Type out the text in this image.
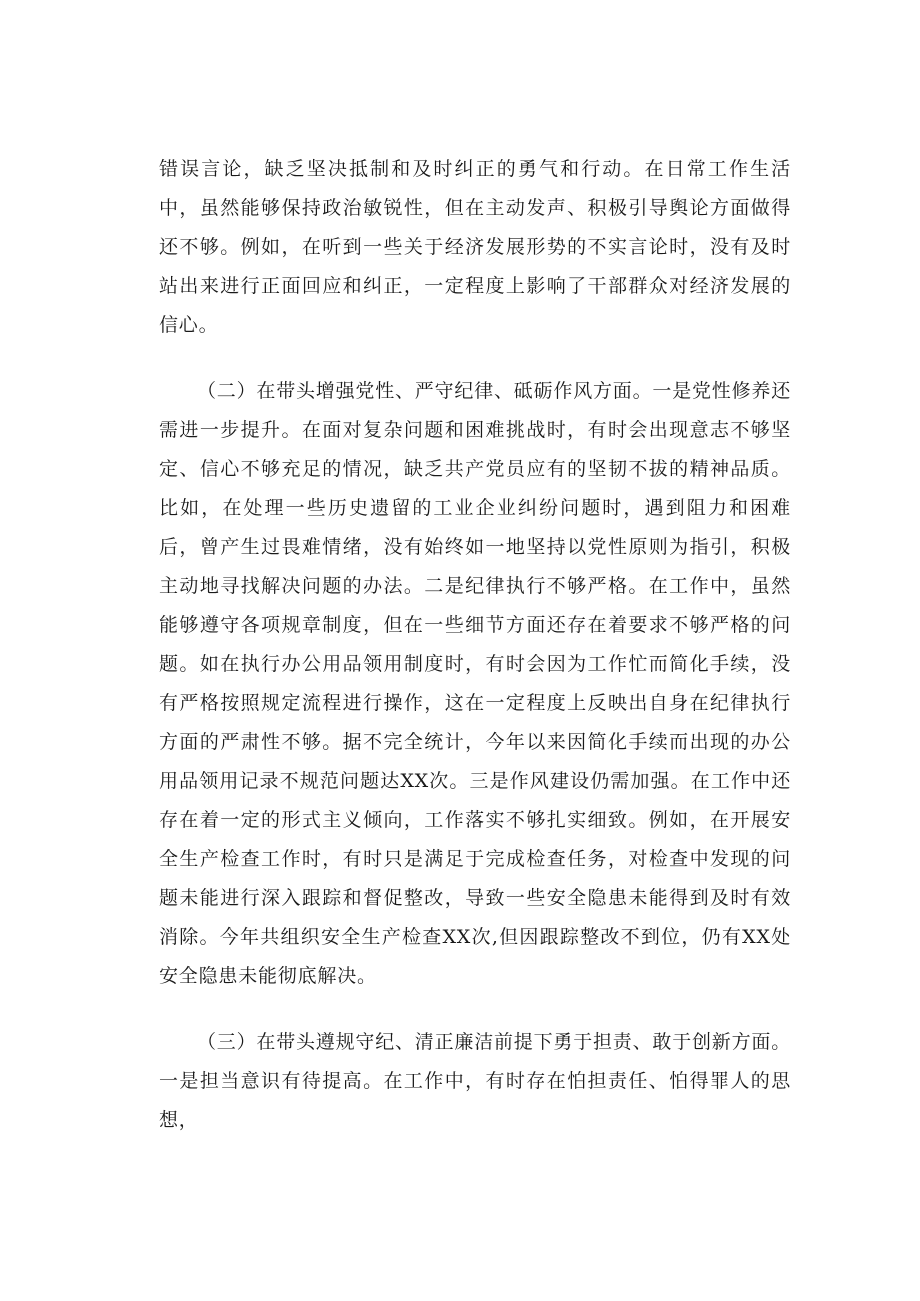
错误言论，缺乏坚决抵制和及时纠正的勇气和行动。在日常工作生活中，虽然能够保持政治敏锐性，但在主动发声、积极引导舆论方面做得还不够。例如，在听到一些关于经济发展形势的不实言论时，没有及时站出来进行正面回应和纠正，一定程度上影响了干部群众对经济发展的信心。

（二）在带头增强党性、严守纪律、砥砺作风方面。一是党性修养还需进一步提升。在面对复杂问题和困难挑战时，有时会出现意志不够坚定、信心不够充足的情况，缺乏共产党员应有的坚韧不拔的精神品质。比如，在处理一些历史遗留的工业企业纠纷问题时，遇到阻力和困难后，曾产生过畏难情绪，没有始终如一地坚持以党性原则为指引，积极主动地寻找解决问题的办法。二是纪律执行不够严格。在工作中，虽然能够遵守各项规章制度，但在一些细节方面还存在着要求不够严格的问题。如在执行办公用品领用制度时，有时会因为工作忙而简化手续，没有严格按照规定流程进行操作，这在一定程度上反映出自身在纪律执行方面的严肃性不够。据不完全统计，今年以来因简化手续而出现的办公用品领用记录不规范问题达XX次。三是作风建设仍需加强。在工作中还存在着一定的形式主义倾向，工作落实不够扎实细致。例如，在开展安全生产检查工作时，有时只是满足于完成检查任务，对检查中发现的问题未能进行深入跟踪和督促整改，导致一些安全隐患未能得到及时有效消除。今年共组织安全生产检查XX次,但因跟踪整改不到位，仍有XX处安全隐患未能彻底解决。

（三）在带头遵规守纪、清正廉洁前提下勇于担责、敢于创新方面。一是担当意识有待提高。在工作中，有时存在怕担责任、怕得罪人的思想，
